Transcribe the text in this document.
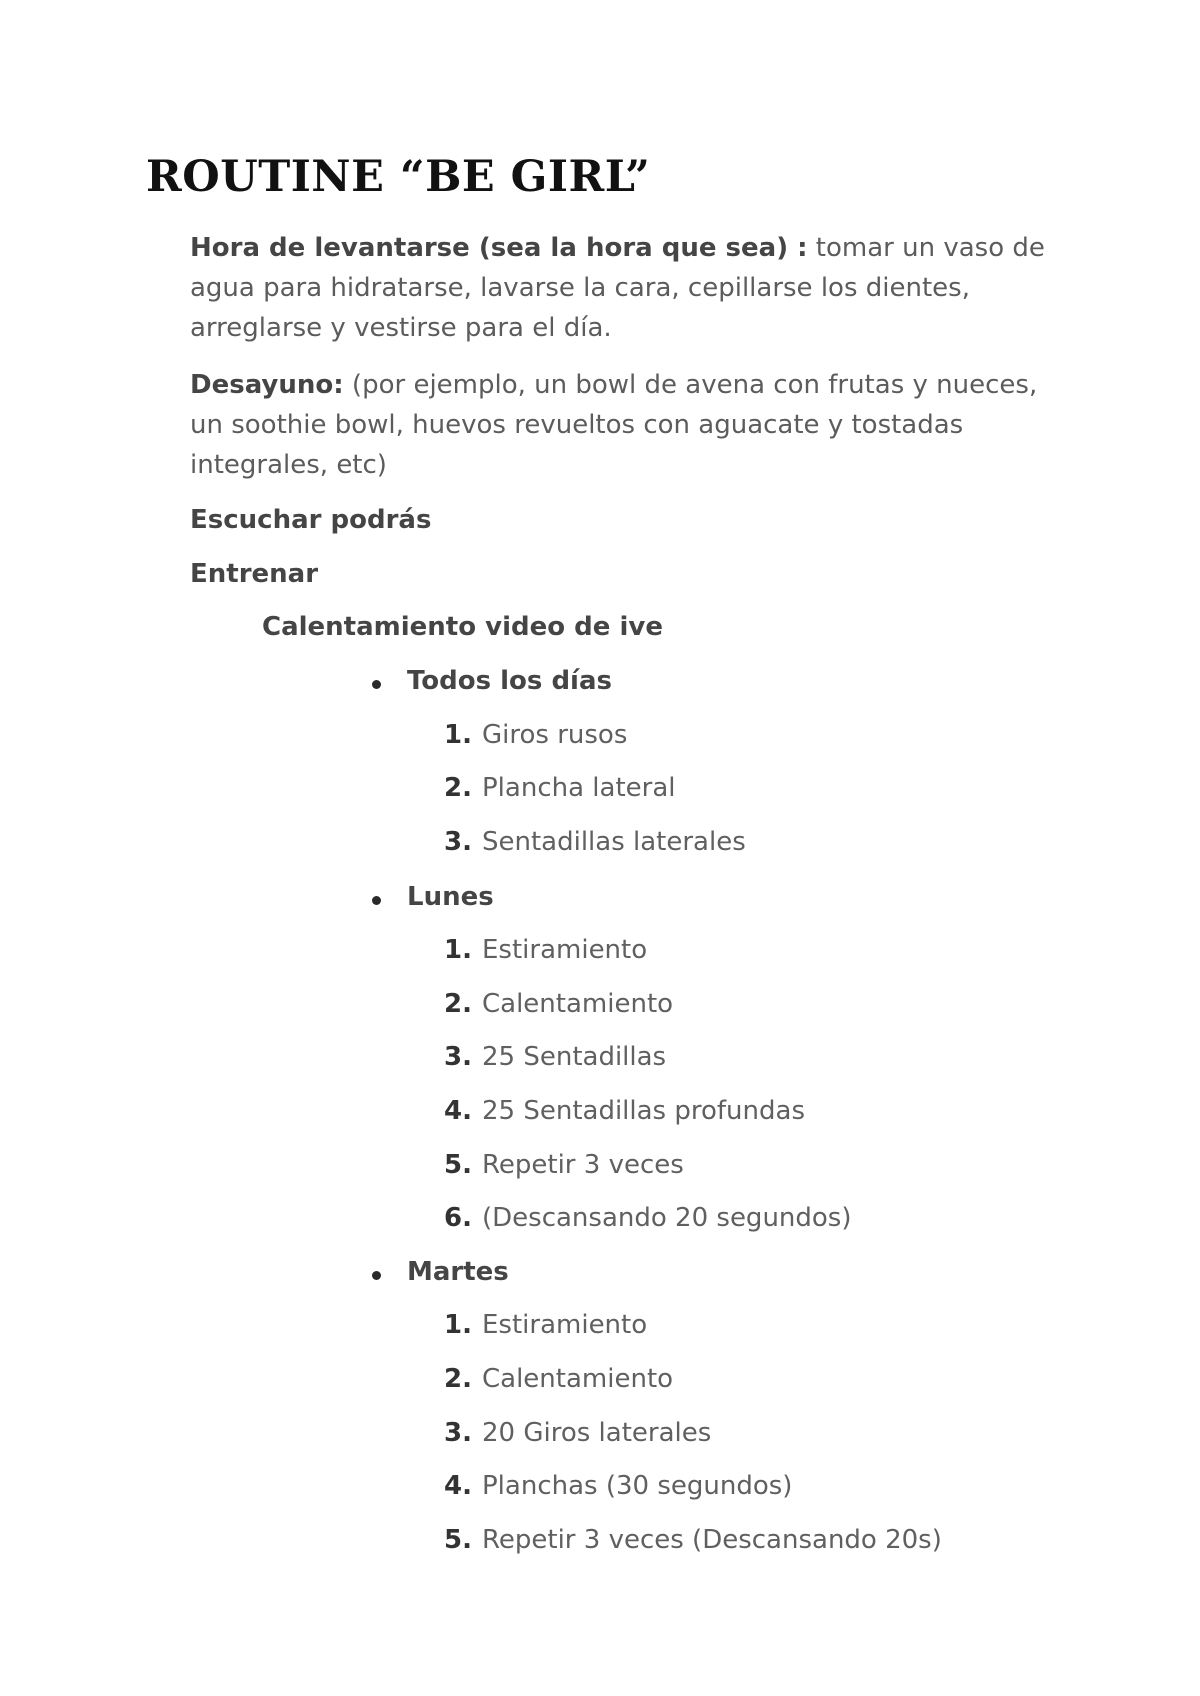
ROUTINE “BE GIRL”

Hora de levantarse (sea la hora que sea) : tomar un vaso de agua para hidratarse, lavarse la cara, cepillarse los dientes, arreglarse y vestirse para el día.

Desayuno: (por ejemplo, un bowl de avena con frutas y nueces, un soothie bowl, huevos revueltos con aguacate y tostadas integrales, etc)

Escuchar podrás

Entrenar

Calentamiento video de ive

Todos los días

1. Giros rusos

2. Plancha lateral

3. Sentadillas laterales

Lunes

1. Estiramiento

2. Calentamiento

3. 25 Sentadillas

4. 25 Sentadillas profundas

5. Repetir 3 veces

6. (Descansando 20 segundos)

Martes

1. Estiramiento

2. Calentamiento

3. 20 Giros laterales

4. Planchas (30 segundos)

5. Repetir 3 veces (Descansando 20s)
